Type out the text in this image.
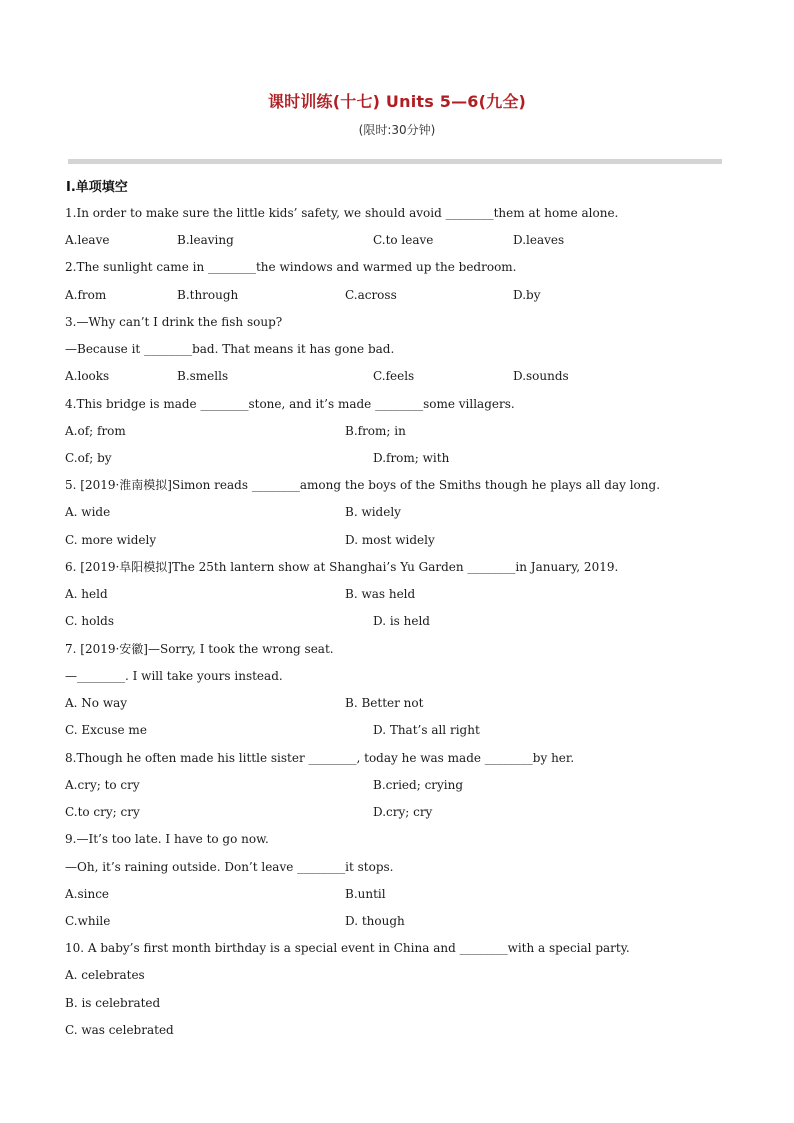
课时训练(十七) Units 5—6(九全)
(限时:30分钟)
Ⅰ.单项填空
1.In order to make sure the little kids’ safety, we should avoid ________them at home alone.
A.leave	B.leaving	C.to leave	D.leaves
2.The sunlight came in ________the windows and warmed up the bedroom.
A.from	B.through	C.across	D.by
3.—Why can’t I drink the fish soup?
—Because it ________bad. That means it has gone bad.
A.looks	B.smells	C.feels	D.sounds
4.This bridge is made ________stone, and it’s made ________some villagers.
A.of; from	B.from; in
C.of; by	D.from; with
5. [2019·淮南模拟]Simon reads ________among the boys of the Smiths though he plays all day long.
A. wide	B. widely
C. more widely	D. most widely
6. [2019·阜阳模拟]The 25th lantern show at Shanghai’s Yu Garden ________in January, 2019.
A. held	B. was held
C. holds	D. is held
7. [2019·安徽]—Sorry, I took the wrong seat.
—________. I will take yours instead.
A. No way	B. Better not
C. Excuse me	D. That’s all right
8.Though he often made his little sister ________, today he was made ________by her.
A.cry; to cry	B.cried; crying
C.to cry; cry	D.cry; cry
9.—It’s too late. I have to go now.
—Oh, it’s raining outside. Don’t leave ________it stops.
A.since	B.until
C.while	D. though
10. A baby’s first month birthday is a special event in China and ________with a special party.
A. celebrates
B. is celebrated
C. was celebrated
